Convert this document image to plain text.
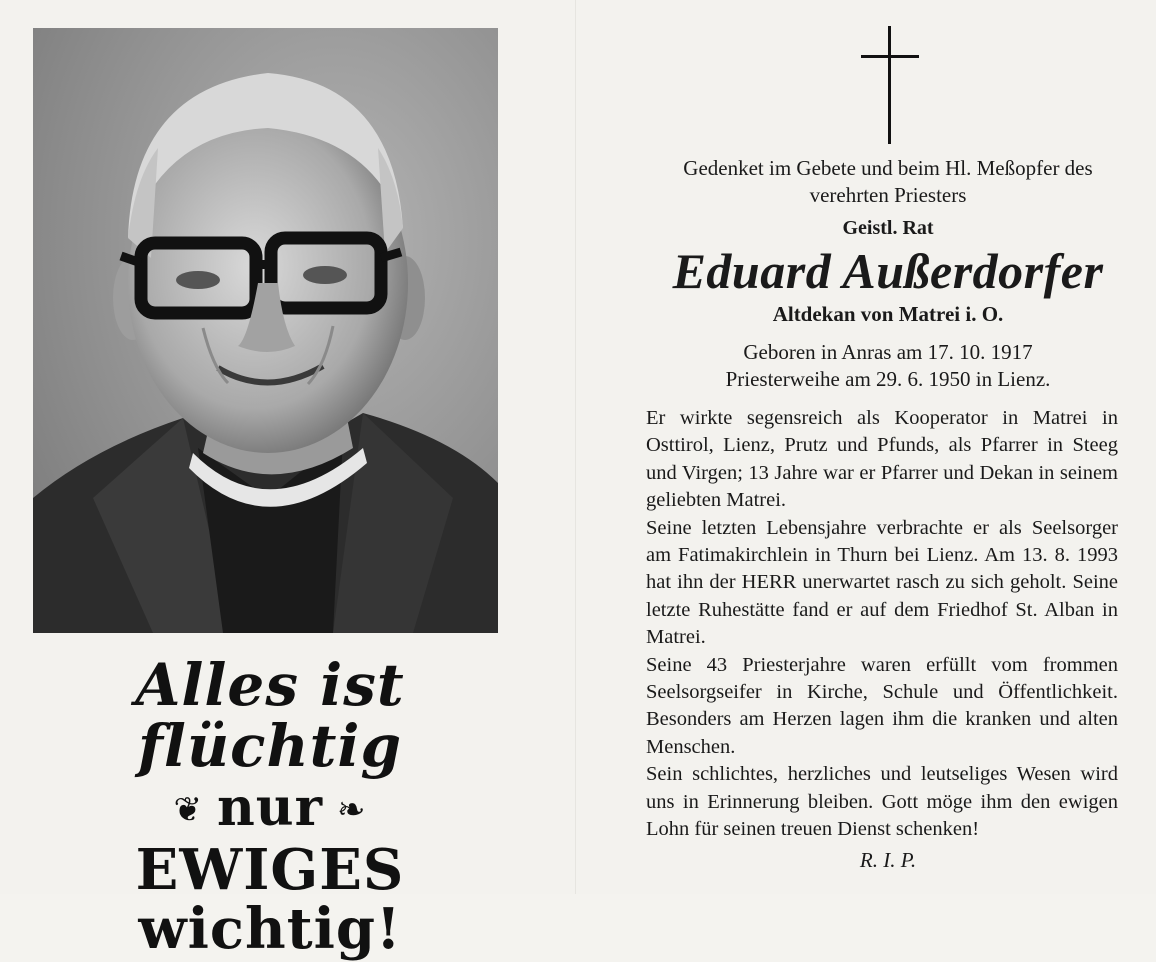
Alles ist flüchtig
❦ nur ❧
EWIGES wichtig!
Gedenket im Gebete und beim Hl. Meßopfer des
verehrten Priesters
Geistl. Rat
Eduard Außerdorfer
Altdekan von Matrei i. O.
Geboren in Anras am 17. 10. 1917
Priesterweihe am 29. 6. 1950 in Lienz.

Er wirkte segensreich als Kooperator in Matrei in Osttirol, Lienz, Prutz und Pfunds, als Pfarrer in Steeg und Virgen; 13 Jahre war er Pfarrer und Dekan in seinem geliebten Matrei.

Seine letzten Lebensjahre verbrachte er als Seelsorger am Fatimakirchlein in Thurn bei Lienz. Am 13. 8. 1993 hat ihn der HERR unerwartet rasch zu sich geholt. Seine letzte Ruhestätte fand er auf dem Friedhof St. Alban in Matrei.

Seine 43 Priesterjahre waren erfüllt vom frommen Seelsorgseifer in Kirche, Schule und Öffentlichkeit. Besonders am Herzen lagen ihm die kranken und alten Menschen.

Sein schlichtes, herzliches und leutseliges Wesen wird uns in Erinnerung bleiben. Gott möge ihm den ewigen Lohn für seinen treuen Dienst schenken!

R. I. P.
